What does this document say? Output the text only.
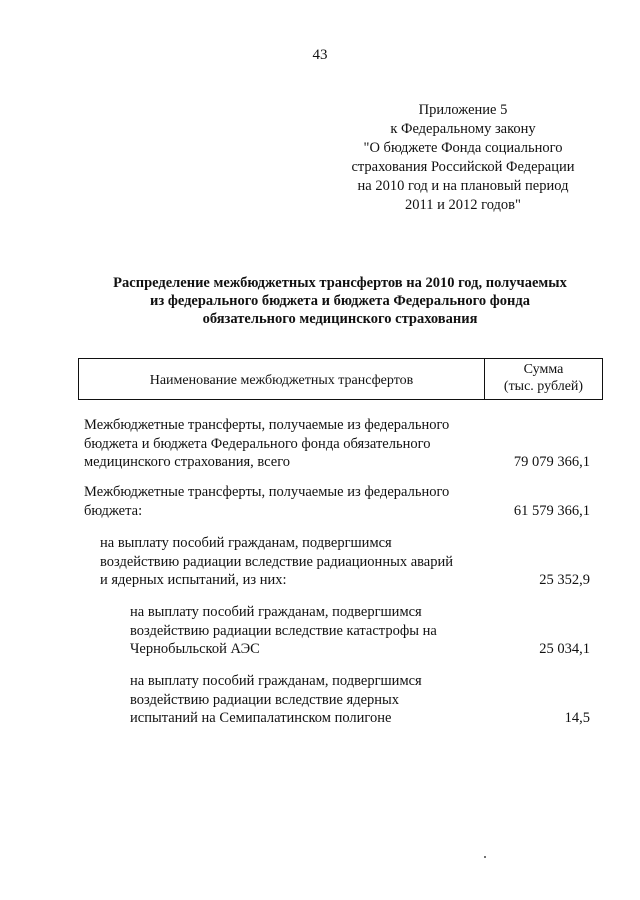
43
Приложение 5
к Федеральному закону
"О бюджете Фонда социального
страхования Российской Федерации
на 2010 год и на плановый период
2011 и 2012 годов"
Распределение межбюджетных трансфертов на 2010 год, получаемых
из федерального бюджета и бюджета Федерального фонда
обязательного медицинского страхования
Наименование межбюджетных трансфертов
Сумма
(тыс. рублей)
Межбюджетные трансферты, получаемые из федерального
бюджета и бюджета Федерального фонда обязательного
медицинского страхования, всего	79 079 366,1
Межбюджетные трансферты, получаемые из федерального
бюджета:	61 579 366,1
на выплату пособий гражданам, подвергшимся
воздействию радиации вследствие радиационных аварий
и ядерных испытаний, из них:	25 352,9
на выплату пособий гражданам, подвергшимся
воздействию радиации вследствие катастрофы на
Чернобыльской АЭС	25 034,1
на выплату пособий гражданам, подвергшимся
воздействию радиации вследствие ядерных
испытаний на Семипалатинском полигоне	14,5
